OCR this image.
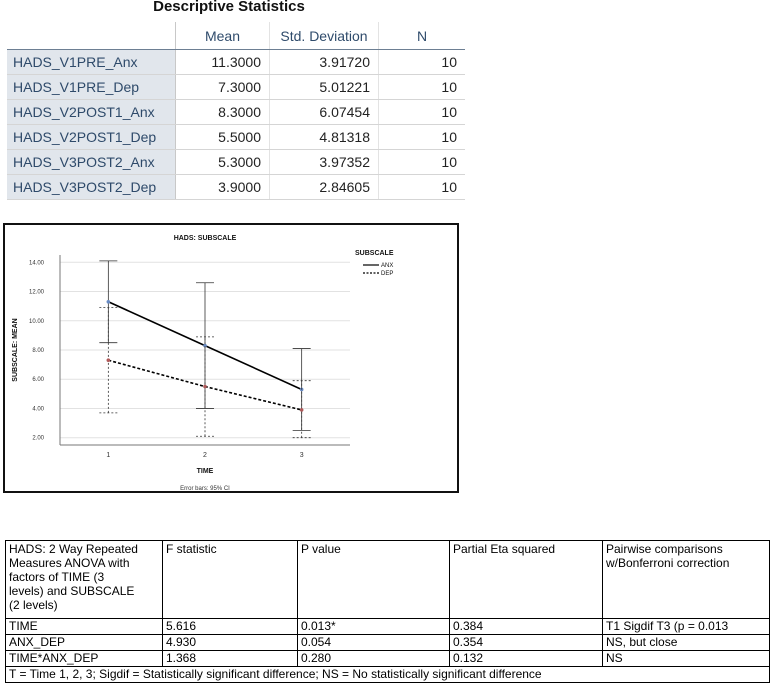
Descriptive Statistics
	Mean	Std. Deviation	N
HADS_V1PRE_Anx	11.3000	3.91720	10
HADS_V1PRE_Dep	7.3000	5.01221	10
HADS_V2POST1_Anx	8.3000	6.07454	10
HADS_V2POST1_Dep	5.5000	4.81318	10
HADS_V3POST2_Anx	5.3000	3.97352	10
HADS_V3POST2_Dep	3.9000	2.84605	10
2.00
4.00
6.00
8.00
10.00
12.00
14.00
1	2	3
HADS: SUBSCALE
TIME
SUBSCALE: MEAN
Error bars: 95% CI
SUBSCALE
ANX
DEP
HADS: 2 Way Repeated
Measures ANOVA with
factors of TIME (3
levels) and SUBSCALE
(2 levels)	F statistic	P value	Partial Eta squared	Pairwise comparisons
w/Bonferroni correction
TIME	5.616	0.013*	0.384	T1 Sigdif T3 (p = 0.013
ANX_DEP	4.930	0.054	0.354	NS, but close
TIME*ANX_DEP	1.368	0.280	0.132	NS
T = Time 1, 2, 3; Sigdif = Statistically significant difference; NS = No statistically significant difference				
